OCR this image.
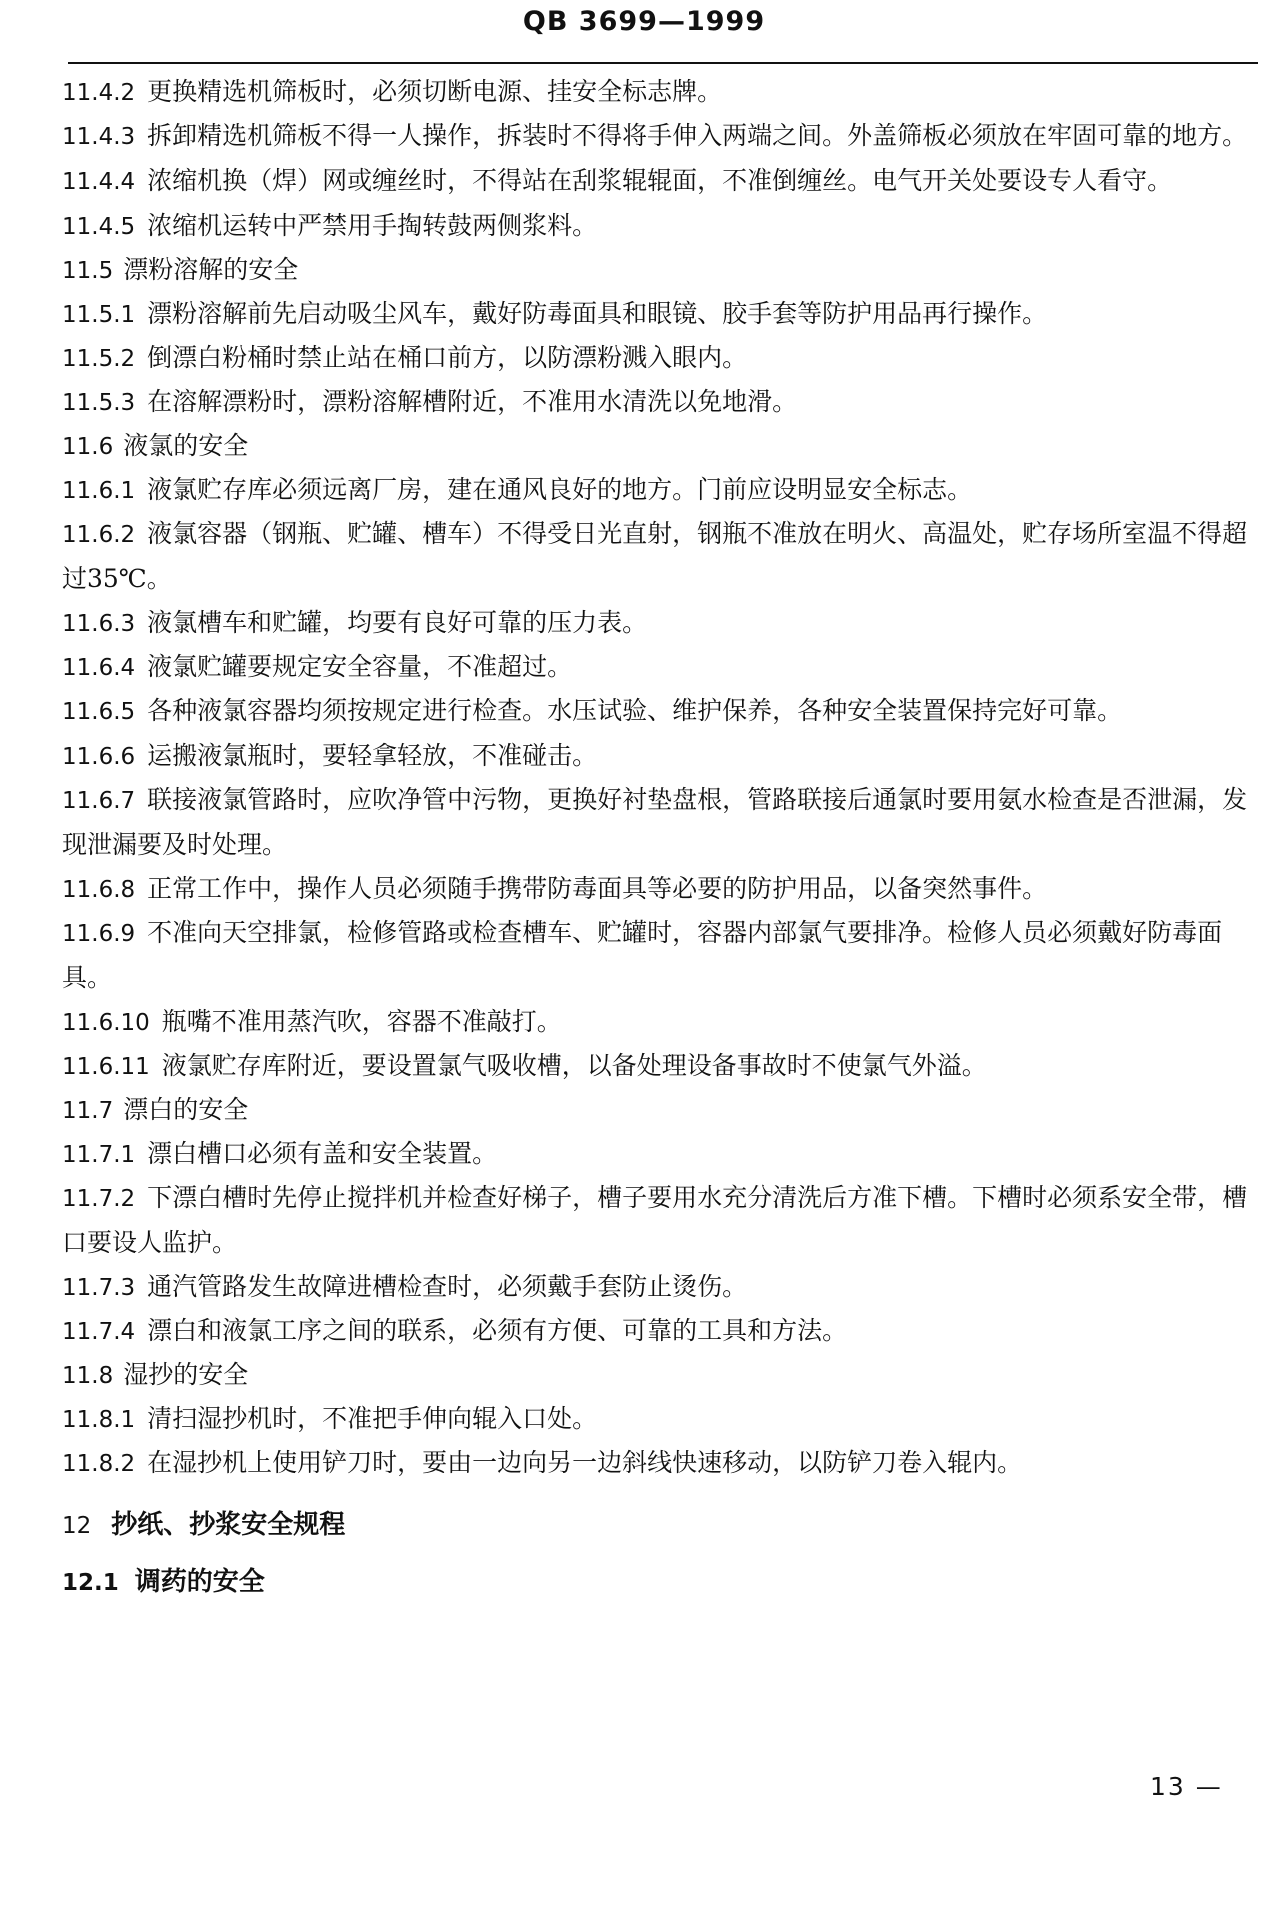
QB 3699—1999
11.4.2 更换精选机筛板时，必须切断电源、挂安全标志牌。
11.4.3 拆卸精选机筛板不得一人操作，拆装时不得将手伸入两端之间。外盖筛板必须放在牢固可靠的地方。
11.4.4 浓缩机换（焊）网或缠丝时，不得站在刮浆辊辊面，不准倒缠丝。电气开关处要设专人看守。
11.4.5 浓缩机运转中严禁用手掏转鼓两侧浆料。
11.5 漂粉溶解的安全
11.5.1 漂粉溶解前先启动吸尘风车，戴好防毒面具和眼镜、胶手套等防护用品再行操作。
11.5.2 倒漂白粉桶时禁止站在桶口前方，以防漂粉溅入眼内。
11.5.3 在溶解漂粉时，漂粉溶解槽附近，不准用水清洗以免地滑。
11.6 液氯的安全
11.6.1 液氯贮存库必须远离厂房，建在通风良好的地方。门前应设明显安全标志。
11.6.2 液氯容器（钢瓶、贮罐、槽车）不得受日光直射，钢瓶不准放在明火、高温处，贮存场所室温不得超过35℃。
11.6.3 液氯槽车和贮罐，均要有良好可靠的压力表。
11.6.4 液氯贮罐要规定安全容量，不准超过。
11.6.5 各种液氯容器均须按规定进行检查。水压试验、维护保养，各种安全装置保持完好可靠。
11.6.6 运搬液氯瓶时，要轻拿轻放，不准碰击。
11.6.7 联接液氯管路时，应吹净管中污物，更换好衬垫盘根，管路联接后通氯时要用氨水检查是否泄漏，发现泄漏要及时处理。
11.6.8 正常工作中，操作人员必须随手携带防毒面具等必要的防护用品，以备突然事件。
11.6.9 不准向天空排氯，检修管路或检查槽车、贮罐时，容器内部氯气要排净。检修人员必须戴好防毒面具。
11.6.10 瓶嘴不准用蒸汽吹，容器不准敲打。
11.6.11 液氯贮存库附近，要设置氯气吸收槽，以备处理设备事故时不使氯气外溢。
11.7 漂白的安全
11.7.1 漂白槽口必须有盖和安全装置。
11.7.2 下漂白槽时先停止搅拌机并检查好梯子，槽子要用水充分清洗后方准下槽。下槽时必须系安全带，槽口要设人监护。
11.7.3 通汽管路发生故障进槽检查时，必须戴手套防止烫伤。
11.7.4 漂白和液氯工序之间的联系，必须有方便、可靠的工具和方法。
11.8 湿抄的安全
11.8.1 清扫湿抄机时，不准把手伸向辊入口处。
11.8.2 在湿抄机上使用铲刀时，要由一边向另一边斜线快速移动，以防铲刀卷入辊内。
12 抄纸、抄浆安全规程
12.1 调药的安全
13 —
